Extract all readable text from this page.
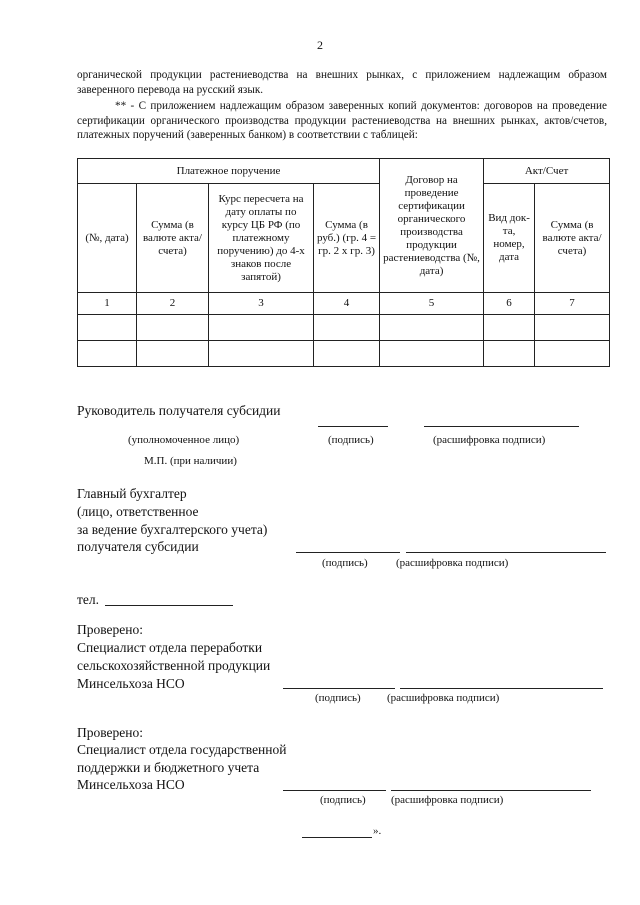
2
органической продукции растениеводства на внешних рынках, с приложением надлежащим образом заверенного перевода на русский язык.
** - С приложением надлежащим образом заверенных копий документов: договоров на проведение сертификации органического производства продукции растениеводства на внешних рынках, актов/счетов, платежных поручений (заверенных банком) в соответствии с таблицей:
Платежное поручение				Договор на проведение сертификации органического производства продукции растениеводства (№, дата)	Акт/Счет	
(№, дата)	Сумма (в валюте акта/счета)	Курс пересчета на дату оплаты по курсу ЦБ РФ (по платежному поручению) до 4-х знаков после запятой)	Сумма (в руб.) (гр. 4 = гр. 2 х гр. 3)		Вид док-та, номер, дата	Сумма (в валюте акта/счета)
1	2	3	4	5	6	7

Руководитель получателя субсидии
(уполномоченное лицо)	(подпись)	(расшифровка подписи)
М.П. (при наличии)
Главный бухгалтер
(лицо, ответственное
за ведение бухгалтерского учета)
получателя субсидии
(подпись)	(расшифровка подписи)
тел.
Проверено:
Специалист отдела переработки
сельскохозяйственной продукции
Минсельхоза НСО
(подпись) (расшифровка подписи)
Проверено:
Специалист отдела государственной
поддержки и бюджетного учета
Минсельхоза НСО
(подпись) (расшифровка подписи)
».
